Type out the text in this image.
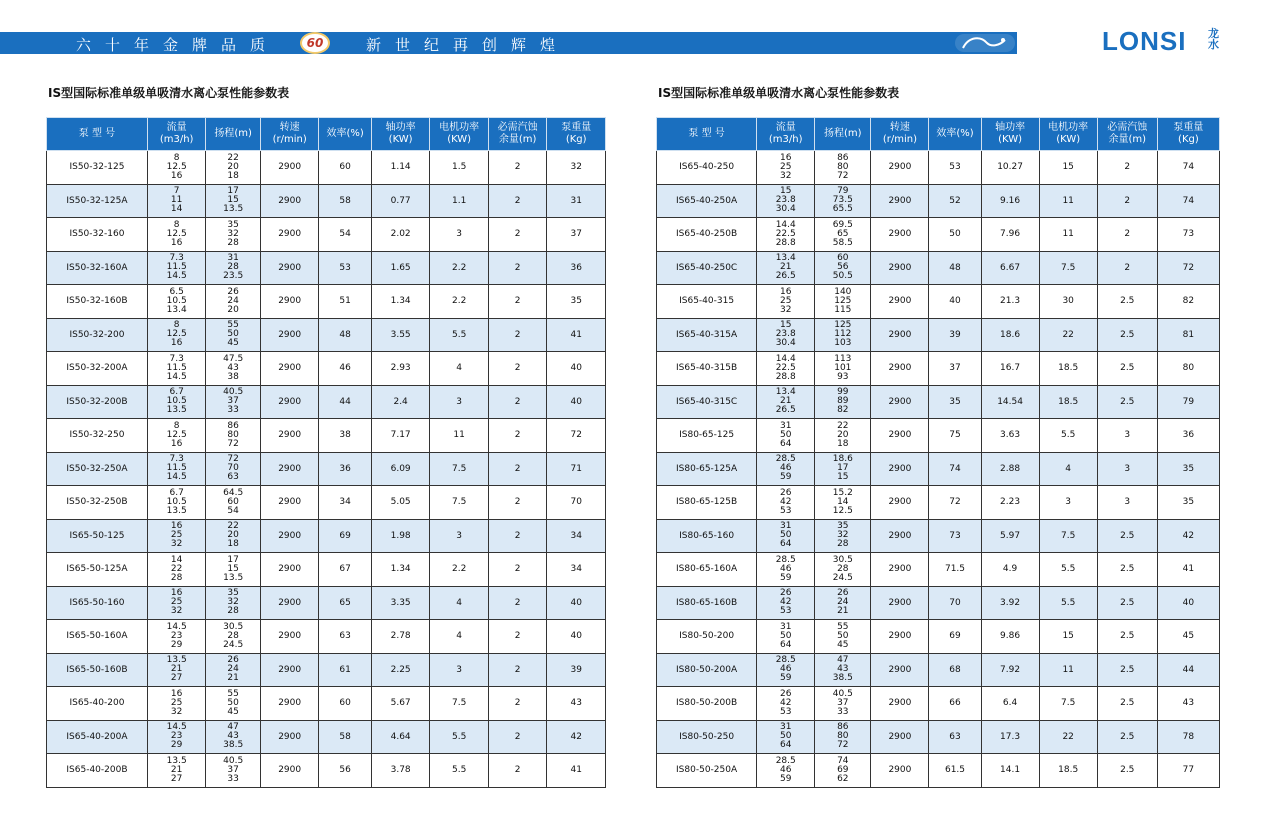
六十年金牌品质	60	新世纪再创辉煌	LONSI 龙水
IS型国际标准单级单吸清水离心泵性能参数表	IS型国际标准单级单吸清水离心泵性能参数表
泵 型 号	流量
(m3/h)	扬程(m)	转速
(r/min)	效率(%)	轴功率
(KW)	电机功率
(KW)	必需汽蚀
余量(m)	泵重量
(Kg)
IS50-32-125	8
12.5
16	22
20
18	2900	60	1.14	1.5	2	32
IS50-32-125A	7
11
14	17
15
13.5	2900	58	0.77	1.1	2	31
IS50-32-160	8
12.5
16	35
32
28	2900	54	2.02	3	2	37
IS50-32-160A	7.3
11.5
14.5	31
28
23.5	2900	53	1.65	2.2	2	36
IS50-32-160B	6.5
10.5
13.4	26
24
20	2900	51	1.34	2.2	2	35
IS50-32-200	8
12.5
16	55
50
45	2900	48	3.55	5.5	2	41
IS50-32-200A	7.3
11.5
14.5	47.5
43
38	2900	46	2.93	4	2	40
IS50-32-200B	6.7
10.5
13.5	40.5
37
33	2900	44	2.4	3	2	40
IS50-32-250	8
12.5
16	86
80
72	2900	38	7.17	11	2	72
IS50-32-250A	7.3
11.5
14.5	72
70
63	2900	36	6.09	7.5	2	71
IS50-32-250B	6.7
10.5
13.5	64.5
60
54	2900	34	5.05	7.5	2	70
IS65-50-125	16
25
32	22
20
18	2900	69	1.98	3	2	34
IS65-50-125A	14
22
28	17
15
13.5	2900	67	1.34	2.2	2	34
IS65-50-160	16
25
32	35
32
28	2900	65	3.35	4	2	40
IS65-50-160A	14.5
23
29	30.5
28
24.5	2900	63	2.78	4	2	40
IS65-50-160B	13.5
21
27	26
24
21	2900	61	2.25	3	2	39
IS65-40-200	16
25
32	55
50
45	2900	60	5.67	7.5	2	43
IS65-40-200A	14.5
23
29	47
43
38.5	2900	58	4.64	5.5	2	42
IS65-40-200B	13.5
21
27	40.5
37
33	2900	56	3.78	5.5	2	41
泵 型 号	流量
(m3/h)	扬程(m)	转速
(r/min)	效率(%)	轴功率
(KW)	电机功率
(KW)	必需汽蚀
余量(m)	泵重量
(Kg)
IS65-40-250	16
25
32	86
80
72	2900	53	10.27	15	2	74
IS65-40-250A	15
23.8
30.4	79
73.5
65.5	2900	52	9.16	11	2	74
IS65-40-250B	14.4
22.5
28.8	69.5
65
58.5	2900	50	7.96	11	2	73
IS65-40-250C	13.4
21
26.5	60
56
50.5	2900	48	6.67	7.5	2	72
IS65-40-315	16
25
32	140
125
115	2900	40	21.3	30	2.5	82
IS65-40-315A	15
23.8
30.4	125
112
103	2900	39	18.6	22	2.5	81
IS65-40-315B	14.4
22.5
28.8	113
101
93	2900	37	16.7	18.5	2.5	80
IS65-40-315C	13.4
21
26.5	99
89
82	2900	35	14.54	18.5	2.5	79
IS80-65-125	31
50
64	22
20
18	2900	75	3.63	5.5	3	36
IS80-65-125A	28.5
46
59	18.6
17
15	2900	74	2.88	4	3	35
IS80-65-125B	26
42
53	15.2
14
12.5	2900	72	2.23	3	3	35
IS80-65-160	31
50
64	35
32
28	2900	73	5.97	7.5	2.5	42
IS80-65-160A	28.5
46
59	30.5
28
24.5	2900	71.5	4.9	5.5	2.5	41
IS80-65-160B	26
42
53	26
24
21	2900	70	3.92	5.5	2.5	40
IS80-50-200	31
50
64	55
50
45	2900	69	9.86	15	2.5	45
IS80-50-200A	28.5
46
59	47
43
38.5	2900	68	7.92	11	2.5	44
IS80-50-200B	26
42
53	40.5
37
33	2900	66	6.4	7.5	2.5	43
IS80-50-250	31
50
64	86
80
72	2900	63	17.3	22	2.5	78
IS80-50-250A	28.5
46
59	74
69
62	2900	61.5	14.1	18.5	2.5	77
